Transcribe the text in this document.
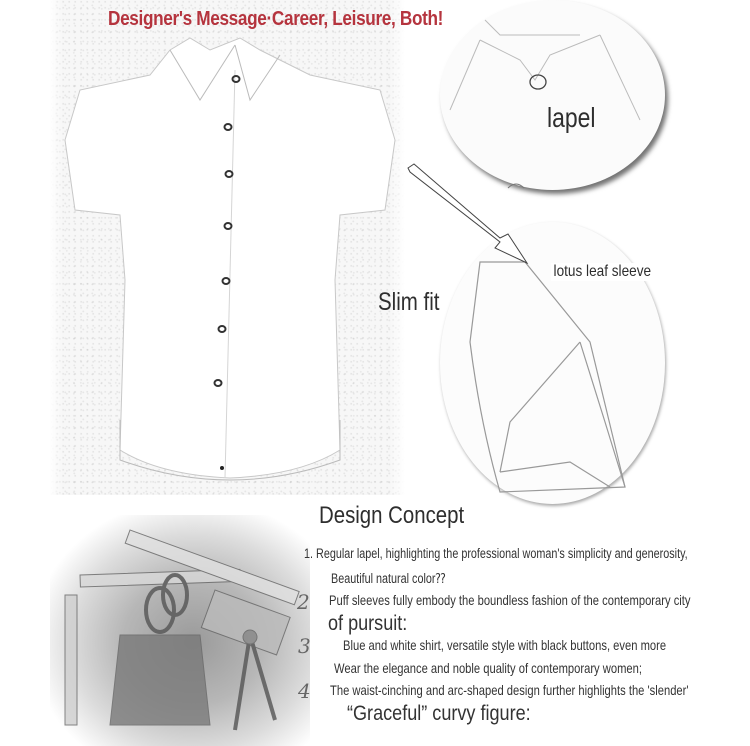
Designer's Message·Career, Leisure, Both!
lapel
lotus leaf sleeve
Slim fit
Design Concept
1. Regular lapel, highlighting the professional woman's simplicity and generosity,
Beautiful natural color⁇
2 Puff sleeves fully embody the boundless fashion of the contemporary city
of pursuit:
3 Blue and white shirt, versatile style with black buttons, even more
Wear the elegance and noble quality of contemporary women;
4 The waist-cinching and arc-shaped design further highlights the 'slender'
“Graceful” curvy figure:
